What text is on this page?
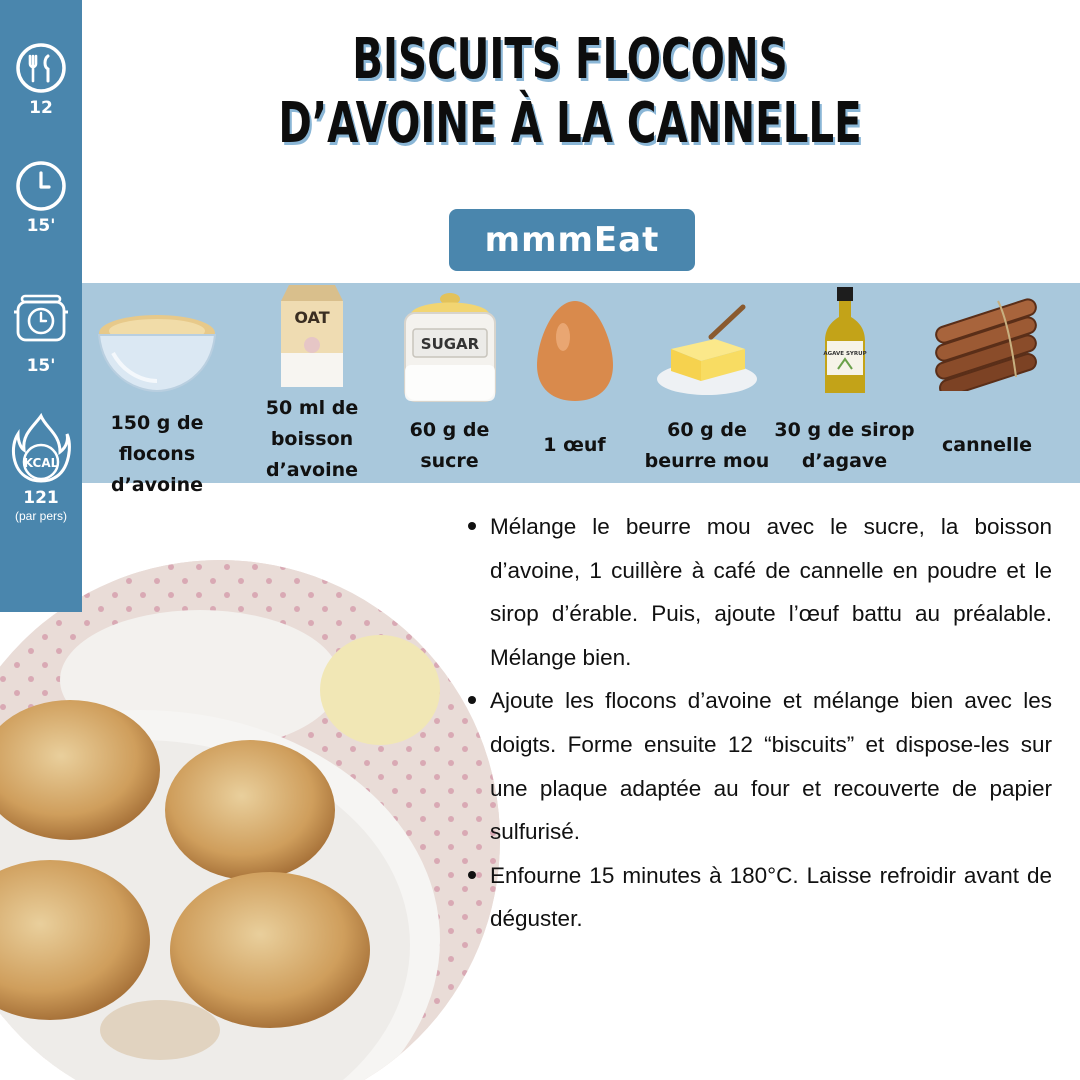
12
15'
15'
KCAL
121
(par pers)
BISCUITS FLOCONS D’AVOINE À LA CANNELLE
mmmEat
150 g de flocons
d’avoine
OAT
50 ml de
boisson
d’avoine
SUGAR
60 g de
sucre
1 œuf
60 g de
beurre mou
AGAVE SYRUP
30 g de sirop
d’agave
cannelle
Mélange le beurre mou avec le sucre, la boisson d’avoine, 1 cuillère à café de cannelle en poudre et le sirop d’érable. Puis, ajoute l’œuf battu au préalable. Mélange bien.
Ajoute les flocons d’avoine et mélange bien avec les doigts. Forme ensuite 12 “biscuits” et dispose-les sur une plaque adaptée au four et recouverte de papier sulfurisé.
Enfourne 15 minutes à 180°C. Laisse refroidir avant de déguster.
